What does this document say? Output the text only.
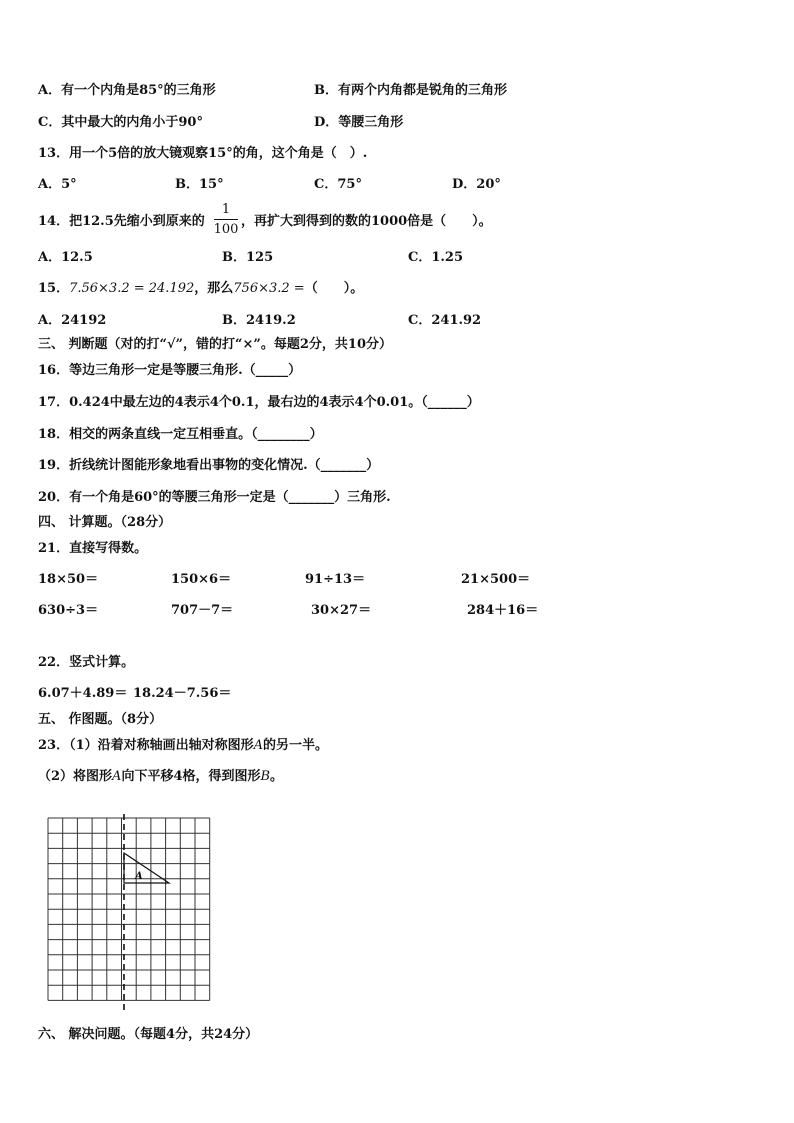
A．有一个内角是85°的三角形	B．有两个内角都是锐角的三角形
C．其中最大的内角小于90°	D．等腰三角形
13．用一个5倍的放大镜观察15°的角，这个角是（　）.
A．5°	B．15°	C．75°	D．20°
14．把12.5先缩小到原来的
1
100
，再扩大到得到的数的1000倍是（　　）。
A．12.5	B．125	C．1.25
15．7.56×3.2 = 24.192，那么756×3.2 =（　　）。
A．24192	B．2419.2	C．241.92
三、 判断题（对的打“√”，错的打“×”。每题2分，共10分）
16．等边三角形一定是等腰三角形.（_____）
17．0.424中最左边的4表示4个0.1，最右边的4表示4个0.01。（______）
18．相交的两条直线一定互相垂直。（________）
19．折线统计图能形象地看出事物的变化情况.（_______）
20．有一个角是60°的等腰三角形一定是（_______）三角形.
四、 计算题。（28分）
21．直接写得数。
18×50＝	150×6＝	91÷13＝	21×500＝
630÷3＝	707－7＝	30×27＝	284＋16＝
22．竖式计算。
6.07＋4.89＝ 18.24－7.56＝
五、 作图题。（8分）
23．（1）沿着对称轴画出轴对称图形A的另一半。
（2）将图形A向下平移4格，得到图形B。
A
六、 解决问题。（每题4分，共24分）
